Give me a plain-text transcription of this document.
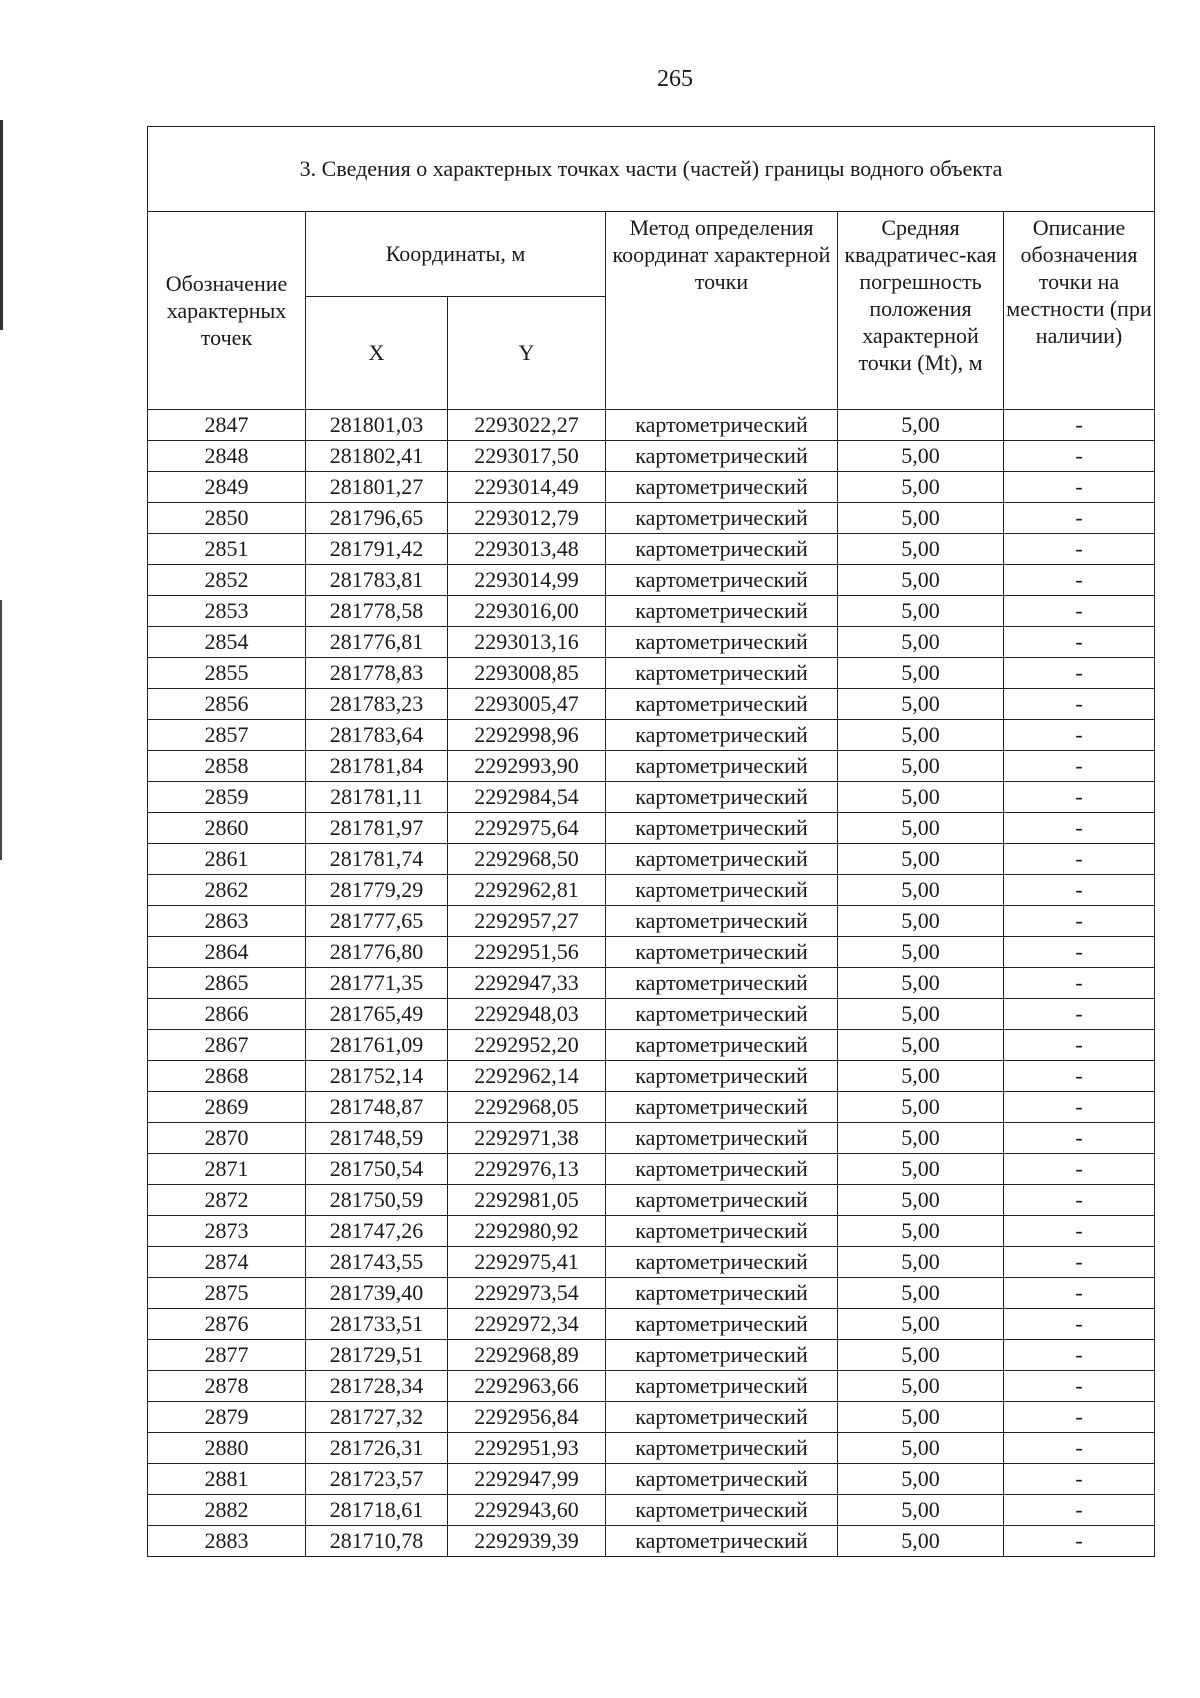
265
3. Сведения о характерных точках части (частей) границы водного объекта					
Обозначение характерных точек	Координаты, м		Метод определения координат характерной точки	Средняя квадратичес-кая погрешность положения характерной точки (Mt), м	Описание обозначения точки на местности (при наличии)
	X	Y			
2847	281801,03	2293022,27	картометрический	5,00	-
2848	281802,41	2293017,50	картометрический	5,00	-
2849	281801,27	2293014,49	картометрический	5,00	-
2850	281796,65	2293012,79	картометрический	5,00	-
2851	281791,42	2293013,48	картометрический	5,00	-
2852	281783,81	2293014,99	картометрический	5,00	-
2853	281778,58	2293016,00	картометрический	5,00	-
2854	281776,81	2293013,16	картометрический	5,00	-
2855	281778,83	2293008,85	картометрический	5,00	-
2856	281783,23	2293005,47	картометрический	5,00	-
2857	281783,64	2292998,96	картометрический	5,00	-
2858	281781,84	2292993,90	картометрический	5,00	-
2859	281781,11	2292984,54	картометрический	5,00	-
2860	281781,97	2292975,64	картометрический	5,00	-
2861	281781,74	2292968,50	картометрический	5,00	-
2862	281779,29	2292962,81	картометрический	5,00	-
2863	281777,65	2292957,27	картометрический	5,00	-
2864	281776,80	2292951,56	картометрический	5,00	-
2865	281771,35	2292947,33	картометрический	5,00	-
2866	281765,49	2292948,03	картометрический	5,00	-
2867	281761,09	2292952,20	картометрический	5,00	-
2868	281752,14	2292962,14	картометрический	5,00	-
2869	281748,87	2292968,05	картометрический	5,00	-
2870	281748,59	2292971,38	картометрический	5,00	-
2871	281750,54	2292976,13	картометрический	5,00	-
2872	281750,59	2292981,05	картометрический	5,00	-
2873	281747,26	2292980,92	картометрический	5,00	-
2874	281743,55	2292975,41	картометрический	5,00	-
2875	281739,40	2292973,54	картометрический	5,00	-
2876	281733,51	2292972,34	картометрический	5,00	-
2877	281729,51	2292968,89	картометрический	5,00	-
2878	281728,34	2292963,66	картометрический	5,00	-
2879	281727,32	2292956,84	картометрический	5,00	-
2880	281726,31	2292951,93	картометрический	5,00	-
2881	281723,57	2292947,99	картометрический	5,00	-
2882	281718,61	2292943,60	картометрический	5,00	-
2883	281710,78	2292939,39	картометрический	5,00	-
